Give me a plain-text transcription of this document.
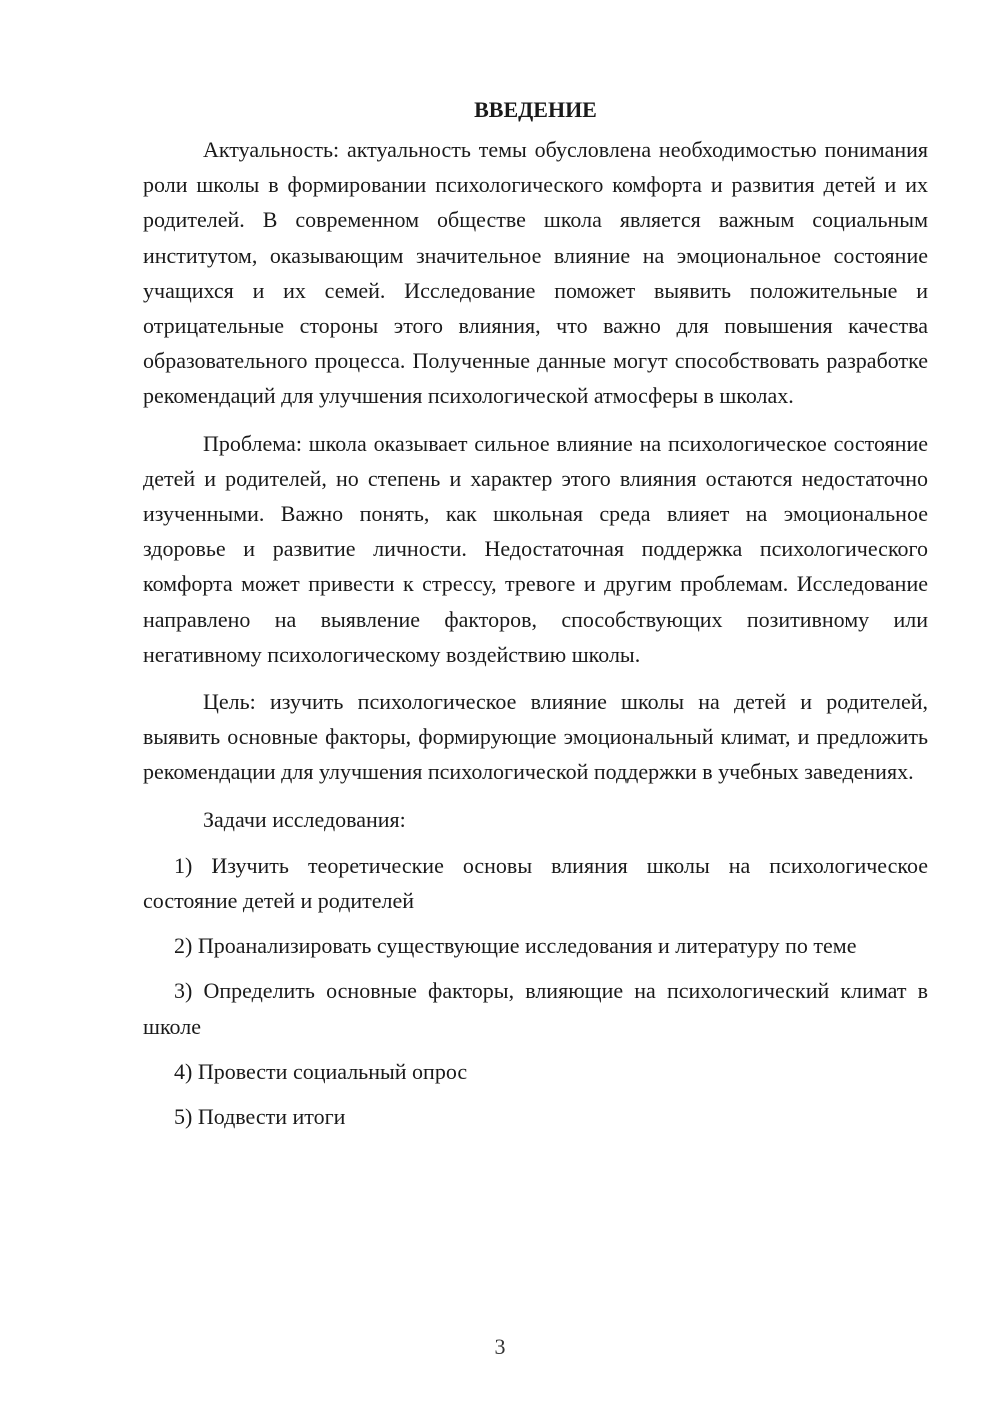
ВВЕДЕНИЕ

Актуальность: актуальность темы обусловлена необходимостью понимания роли школы в формировании психологического комфорта и развития детей и их родителей. В современном обществе школа является важным социальным институтом, оказывающим значительное влияние на эмоциональное состояние учащихся и их семей. Исследование поможет выявить положительные и отрицательные стороны этого влияния, что важно для повышения качества образовательного процесса. Полученные данные могут способствовать разработке рекомендаций для улучшения психологической атмосферы в школах.

Проблема: школа оказывает сильное влияние на психологическое состояние детей и родителей, но степень и характер этого влияния остаются недостаточно изученными. Важно понять, как школьная среда влияет на эмоциональное здоровье и развитие личности. Недостаточная поддержка психологического комфорта может привести к стрессу, тревоге и другим проблемам. Исследование направлено на выявление факторов, способствующих позитивному или негативному психологическому воздействию школы.

Цель: изучить психологическое влияние школы на детей и родителей, выявить основные факторы, формирующие эмоциональный климат, и предложить рекомендации для улучшения психологической поддержки в учебных заведениях.

Задачи исследования:

1) Изучить теоретические основы влияния школы на психологическое состояние детей и родителей

2) Проанализировать существующие исследования и литературу по теме

3) Определить основные факторы, влияющие на психологический климат в школе

4) Провести социальный опрос

5) Подвести итоги

3
